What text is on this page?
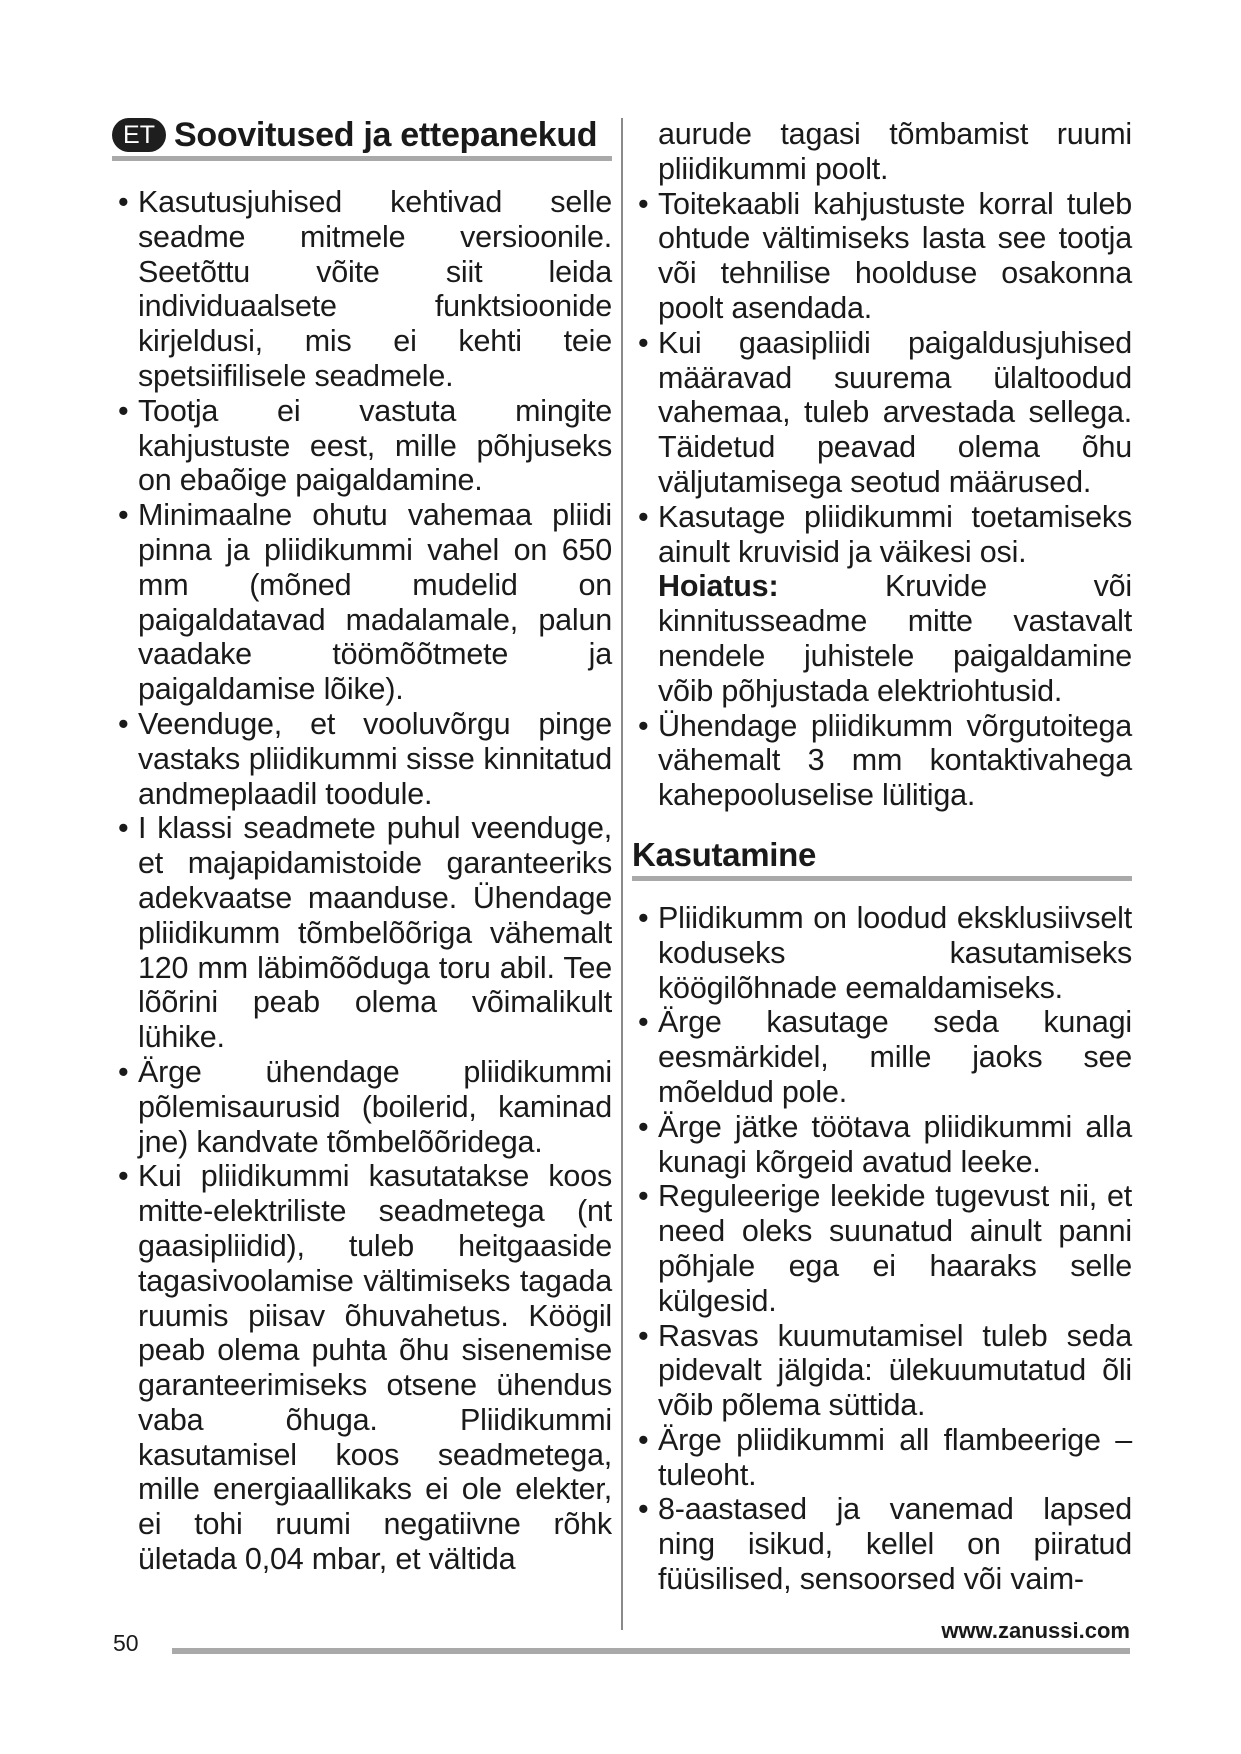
ET Soovitused ja ettepanekud
• Kasutusjuhised kehtivad selle seadme mitmele versioonile. Seetõttu võite siit leida individuaalsete funktsioonide kirjeldusi, mis ei kehti teie spetsiifilisele seadmele.
• Tootja ei vastuta mingite kahjustuste eest, mille põhjuseks on ebaõige paigaldamine.
• Minimaalne ohutu vahemaa pliidi pinna ja pliidikummi vahel on 650 mm (mõned mudelid on paigaldatavad madalamale, palun vaadake töömõõtmete ja paigaldamise lõike).
• Veenduge, et vooluvõrgu pinge vastaks pliidikummi sisse kinnitatud andmeplaadil toodule.
• I klassi seadmete puhul veenduge, et majapidamistoide garanteeriks adekvaatse maanduse. Ühendage pliidikumm tõmbelõõriga vähemalt 120 mm läbimõõduga toru abil. Tee lõõrini peab olema võimalikult lühike.
• Ärge ühendage pliidikummi põlemisaurusid (boilerid, kaminad jne) kandvate tõmbelõõridega.
• Kui pliidikummi kasutatakse koos mitte-elektriliste seadmetega (nt gaasipliidid), tuleb heitgaaside tagasivoolamise vältimiseks tagada ruumis piisav õhuvahetus. Köögil peab olema puhta õhu sisenemise garanteerimiseks otsene ühendus vaba õhuga. Pliidikummi kasutamisel koos seadmetega, mille energiaallikaks ei ole elekter, ei tohi ruumi negatiivne rõhk ületada 0,04 mbar, et vältida
aurude tagasi tõmbamist ruumi pliidikummi poolt.
• Toitekaabli kahjustuste korral tuleb ohtude vältimiseks lasta see tootja või tehnilise hoolduse osakonna poolt asendada.
• Kui gaasipliidi paigaldusjuhised määravad suurema ülaltoodud vahemaa, tuleb arvestada sellega. Täidetud peavad olema õhu väljutamisega seotud määrused.
• Kasutage pliidikummi toetamiseks ainult kruvisid ja väikesi osi.
Hoiatus:	Kruvide või kinnitusseadme mitte vastavalt nendele juhistele paigaldamine võib põhjustada elektriohtusid.
• Ühendage pliidikumm võrgutoitega vähemalt 3 mm kontaktivahega kahepooluselise lülitiga.
Kasutamine
• Pliidikumm on loodud eksklusiivselt koduseks kasutamiseks köögilõhnade eemaldamiseks.
• Ärge kasutage seda kunagi eesmärkidel, mille jaoks see mõeldud pole.
• Ärge jätke töötava pliidikummi alla kunagi kõrgeid avatud leeke.
• Reguleerige leekide tugevust nii, et need oleks suunatud ainult panni põhjale ega ei haaraks selle külgesid.
• Rasvas kuumutamisel tuleb seda pidevalt jälgida: ülekuumutatud õli võib põlema süttida.
• Ärge pliidikummi all flambeerige – tuleoht.
• 8-aastased ja vanemad lapsed ning isikud, kellel on piiratud füüsilised, sensoorsed või vaim-
50	www.zanussi.com
